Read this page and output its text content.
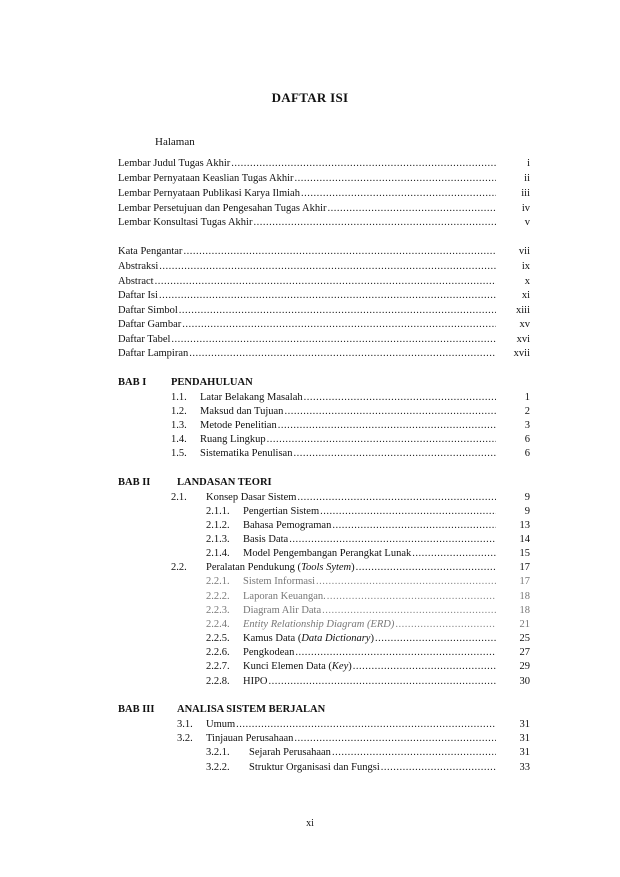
DAFTAR ISI
Halaman
Lembar Judul Tugas Akhir .....	i
Lembar Pernyataan Keaslian Tugas Akhir .....	ii
Lembar Pernyataan Publikasi Karya Ilmiah .....	iii
Lembar Persetujuan dan Pengesahan Tugas Akhir .....	iv
Lembar Konsultasi Tugas Akhir .....	v
Kata Pengantar .....	vii
Abstraksi .....	ix
Abstract .....	x
Daftar Isi .....	xi
Daftar Simbol .....	xiii
Daftar Gambar .....	xv
Daftar Tabel .....	xvi
Daftar Lampiran .....	xvii
BAB I PENDAHULUAN
1.1.	Latar Belakang Masalah .....	1
1.2.	Maksud dan Tujuan .....	2
1.3.	Metode Penelitian .....	3
1.4.	Ruang Lingkup .....	6
1.5.	Sistematika Penulisan .....	6
BAB II	LANDASAN TEORI
2.1.	Konsep Dasar Sistem .....	9
2.1.1.	Pengertian Sistem .....	9
2.1.2.	Bahasa Pemograman .....	13
2.1.3.	Basis Data .....	14
2.1.4.	Model Pengembangan Perangkat Lunak .....	15
2.2.	Peralatan Pendukung (Tools Sytem) .....	17
2.2.1.	Sistem Informasi .....	17
2.2.2.	Laporan Keuangan. .....	18
2.2.3.	Diagram Alir Data .....	18
2.2.4.	Entity Relationship Diagram (ERD) .....	21
2.2.5.	Kamus Data (Data Dictionary) .....	25
2.2.6.	Pengkodean .....	27
2.2.7.	Kunci Elemen Data (Key) .....	29
2.2.8.	HIPO .....	30
BAB III ANALISA SISTEM BERJALAN
3.1.	Umum .....	31
3.2.	Tinjauan Perusahaan .....	31
3.2.1.	Sejarah Perusahaan .....	31
3.2.2.	Struktur Organisasi dan Fungsi .....	33
xi
